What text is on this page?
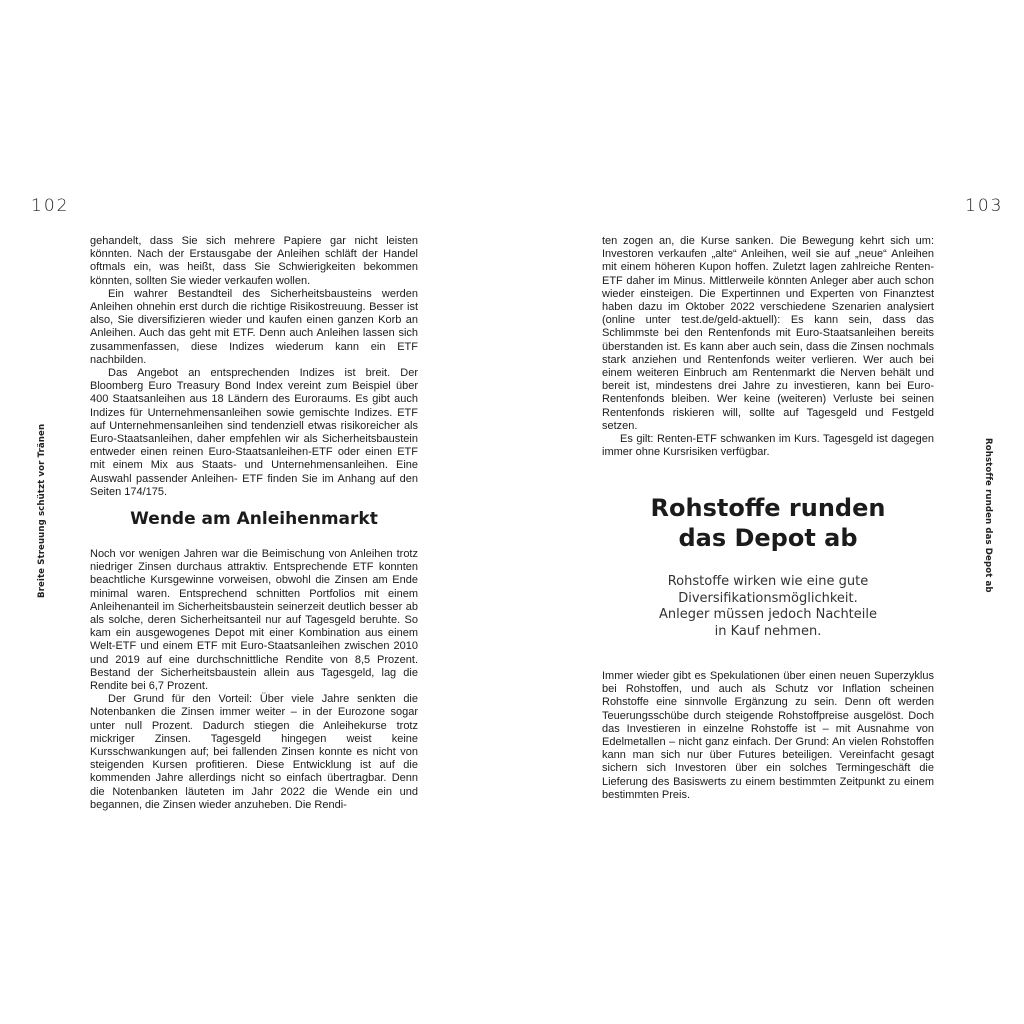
102
Breite Streuung schützt vor Tränen

gehandelt, dass Sie sich mehrere Papiere gar nicht leisten könnten. Nach der Erstausgabe der Anleihen schläft der Handel oftmals ein, was heißt, dass Sie Schwierigkeiten bekommen könnten, sollten Sie wieder verkaufen wollen.

Ein wahrer Bestandteil des Sicherheitsbausteins werden Anleihen ohnehin erst durch die richtige Risikostreuung. Besser ist also, Sie diversifizieren wieder und kaufen einen ganzen Korb an Anleihen. Auch das geht mit ETF. Denn auch Anleihen lassen sich zusammenfassen, diese Indizes wiederum kann ein ETF nachbilden.

Das Angebot an entsprechenden Indizes ist breit. Der Bloomberg Euro Treasury Bond Index vereint zum Beispiel über 400 Staatsanleihen aus 18 Ländern des Euroraums. Es gibt auch Indizes für Unternehmensanleihen sowie gemischte Indizes. ETF auf Unternehmensanleihen sind tendenziell etwas risikoreicher als Euro-Staatsanleihen, daher empfehlen wir als Sicherheitsbaustein entweder einen reinen Euro-Staatsanleihen-ETF oder einen ETF mit einem Mix aus Staats- und Unternehmensanleihen. Eine Auswahl passender Anleihen- ETF finden Sie im Anhang auf den Seiten 174/175.

Wende am Anleihenmarkt

Noch vor wenigen Jahren war die Beimischung von Anleihen trotz niedriger Zinsen durchaus attraktiv. Entsprechende ETF konnten beachtliche Kursgewinne vorweisen, obwohl die Zinsen am Ende minimal waren. Entsprechend schnitten Portfolios mit einem Anleihenanteil im Sicherheitsbaustein seinerzeit deutlich besser ab als solche, deren Sicherheitsanteil nur auf Tagesgeld beruhte. So kam ein ausgewogenes Depot mit einer Kombination aus einem Welt-ETF und einem ETF mit Euro-Staatsanleihen zwischen 2010 und 2019 auf eine durchschnittliche Rendite von 8,5 Prozent. Bestand der Sicherheitsbaustein allein aus Tagesgeld, lag die Rendite bei 6,7 Prozent.

Der Grund für den Vorteil: Über viele Jahre senkten die Notenbanken die Zinsen immer weiter – in der Eurozone sogar unter null Prozent. Dadurch stiegen die Anleihekurse trotz mickriger Zinsen. Tagesgeld hingegen weist keine Kursschwankungen auf; bei fallenden Zinsen konnte es nicht von steigenden Kursen profitieren. Diese Entwicklung ist auf die kommenden Jahre allerdings nicht so einfach übertragbar. Denn die Notenbanken läuteten im Jahr 2022 die Wende ein und begannen, die Zinsen wieder anzuheben. Die Rendi-

103
Rohstoffe runden das Depot ab

ten zogen an, die Kurse sanken. Die Bewegung kehrt sich um: Investoren verkaufen „alte“ Anleihen, weil sie auf „neue“ Anleihen mit einem höheren Kupon hoffen. Zuletzt lagen zahlreiche Renten-ETF daher im Minus. Mittlerweile könnten Anleger aber auch schon wieder einsteigen. Die Expertinnen und Experten von Finanztest haben dazu im Oktober 2022 verschiedene Szenarien analysiert (online unter test.de/geld-aktuell): Es kann sein, dass das Schlimmste bei den Rentenfonds mit Euro-Staatsanleihen bereits überstanden ist. Es kann aber auch sein, dass die Zinsen nochmals stark anziehen und Rentenfonds weiter verlieren. Wer auch bei einem weiteren Einbruch am Rentenmarkt die Nerven behält und bereit ist, mindestens drei Jahre zu investieren, kann bei Euro-Rentenfonds bleiben. Wer keine (weiteren) Verluste bei seinen Rentenfonds riskieren will, sollte auf Tagesgeld und Festgeld setzen.

Es gilt: Renten-ETF schwanken im Kurs. Tagesgeld ist dagegen immer ohne Kursrisiken verfügbar.

Rohstoffe runden
das Depot ab
Rohstoffe wirken wie eine gute
Diversifikationsmöglichkeit.
Anleger müssen jedoch Nachteile
in Kauf nehmen.

Immer wieder gibt es Spekulationen über einen neuen Superzyklus bei Rohstoffen, und auch als Schutz vor Inflation scheinen Rohstoffe eine sinnvolle Ergänzung zu sein. Denn oft werden Teuerungsschübe durch steigende Rohstoffpreise ausgelöst. Doch das Investieren in einzelne Rohstoffe ist – mit Ausnahme von Edelmetallen – nicht ganz einfach. Der Grund: An vielen Rohstoffen kann man sich nur über Futures beteiligen. Vereinfacht gesagt sichern sich Investoren über ein solches Termingeschäft die Lieferung des Basiswerts zu einem bestimmten Zeitpunkt zu einem bestimmten Preis.
